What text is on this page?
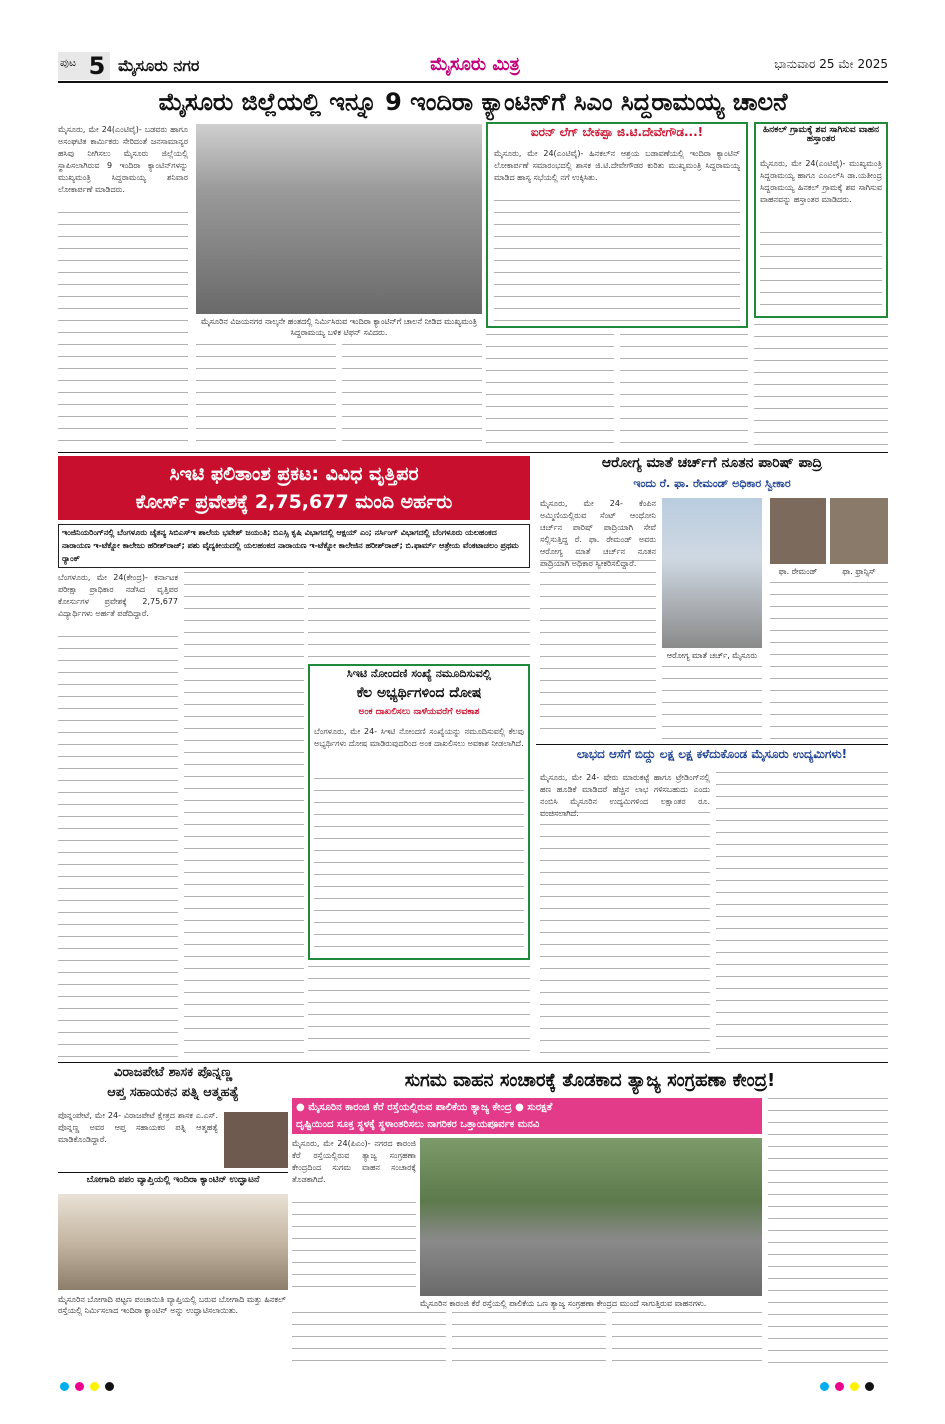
ಪುಟ 5 ಮೈಸೂರು ನಗರ	ಮೈಸೂರು ಮಿತ್ರ	ಭಾನುವಾರ 25 ಮೇ 2025
ಮೈಸೂರು ಜಿಲ್ಲೆಯಲ್ಲಿ ಇನ್ನೂ 9 ಇಂದಿರಾ ಕ್ಯಾಂಟಿನ್‌ಗೆ ಸಿಎಂ ಸಿದ್ದರಾಮಯ್ಯ ಚಾಲನೆ
ಮೈಸೂರು, ಮೇ 24(ಎಂಟಿವೈ)- ಬಡವರು ಹಾಗೂ ಅಸಂಘಟಿತ ಕಾರ್ಮಿಕರು ಸೇರಿದಂತೆ ಜನಸಾಮಾನ್ಯರ ಹಸಿವು ನೀಗಿಸಲು ಮೈಸೂರು ಜಿಲ್ಲೆಯಲ್ಲಿ ಸ್ಥಾಪಿಸಲಾಗಿರುವ 9 ಇಂದಿರಾ ಕ್ಯಾಂಟಿನ್‌ಗಳನ್ನು ಮುಖ್ಯಮಂತ್ರಿ ಸಿದ್ದರಾಮಯ್ಯ ಶನಿವಾರ ಲೋಕಾರ್ಪಣೆ ಮಾಡಿದರು.
ಮೈಸೂರಿನ ವಿಜಯನಗರ ನಾಲ್ಕನೇ ಹಂತದಲ್ಲಿ ನಿರ್ಮಿಸಿರುವ ಇಂದಿರಾ ಕ್ಯಾಂಟಿನ್‌ಗೆ ಚಾಲನೆ ನೀಡಿದ ಮುಖ್ಯಮಂತ್ರಿ ಸಿದ್ದರಾಮಯ್ಯ ಬಳಿಕ ಟಿಫನ್ ಸವಿದರು.
ಐರನ್ ಲೆಗ್ ಬೇಕಪ್ಪಾ ಜಿ.ಟಿ.ದೇವೇಗೌಡ...!
ಮೈಸೂರು, ಮೇ 24(ಎಂಟಿವೈ)- ಹಿನಕಲ್‌ನ ಆಶ್ರಯ ಬಡಾವಣೆಯಲ್ಲಿ ಇಂದಿರಾ ಕ್ಯಾಂಟಿನ್ ಲೋಕಾರ್ಪಣೆ ಸಮಾರಂಭದಲ್ಲಿ ಶಾಸಕ ಜಿ.ಟಿ.ದೇವೇಗೌಡರ ಕುರಿತು ಮುಖ್ಯಮಂತ್ರಿ ಸಿದ್ದರಾಮಯ್ಯ ಮಾಡಿದ ಹಾಸ್ಯ ಸಭೆಯಲ್ಲಿ ನಗೆ ಉಕ್ಕಿಸಿತು.
ಹಿನಕಲ್ ಗ್ರಾಮಕ್ಕೆ ಶವ ಸಾಗಿಸುವ ವಾಹನ ಹಸ್ತಾಂತರ
ಮೈಸೂರು, ಮೇ 24(ಎಂಟಿವೈ)- ಮುಖ್ಯಮಂತ್ರಿ ಸಿದ್ದರಾಮಯ್ಯ ಹಾಗೂ ಎಂಎಲ್‌ಸಿ ಡಾ.ಯತೀಂದ್ರ ಸಿದ್ದರಾಮಯ್ಯ ಹಿನಕಲ್ ಗ್ರಾಮಕ್ಕೆ ಶವ ಸಾಗಿಸುವ ವಾಹನವನ್ನು ಹಸ್ತಾಂತರ ಮಾಡಿದರು.
ಸಿಇಟಿ ಫಲಿತಾಂಶ ಪ್ರಕಟ: ವಿವಿಧ ವೃತ್ತಿಪರ
ಕೋರ್ಸ್ ಪ್ರವೇಶಕ್ಕೆ 2,75,677 ಮಂದಿ ಅರ್ಹರು
ಇಂಜಿನಿಯರಿಂಗ್‌ನಲ್ಲಿ ಬೆಂಗಳೂರು ಚೈತನ್ಯ ಸಿಬಿಎಸ್‌ಇ ಶಾಲೆಯ ಭವೇಶ್ ಜಯಂತಿ; ಬಿಎಸ್ಸಿ ಕೃಷಿ ವಿಭಾಗದಲ್ಲಿ ಆಕ್ಷಯ್ ಎಂ; ನರ್ಸಿಂಗ್ ವಿಭಾಗದಲ್ಲಿ ಬೆಂಗಳೂರು ಯಲಹಂಕದ ನಾರಾಯಣ ಇ-ಟೆಕ್ನೋ ಕಾಲೇಜು ಹರೀಶ್‌ರಾಜ್; ಪಶು ವೈದ್ಯಕೀಯದಲ್ಲಿ ಯಲಹಂಕದ ನಾರಾಯಣ ಇ-ಟೆಕ್ನೋ ಕಾಲೇಜಿನ ಹರೀಶ್‌ರಾಜ್; ಬಿ.ಫಾರ್ಮ್ ಆತ್ರೇಯ ವೆಂಕಟಾಚಲಂ ಪ್ರಥಮ ರ‍್ಯಾಂಕ್
ಬೆಂಗಳೂರು, ಮೇ 24(ಕೇಂದ್ರ)- ಕರ್ನಾಟಕ ಪರೀಕ್ಷಾ ಪ್ರಾಧಿಕಾರ ನಡೆಸಿದ ವೃತ್ತಿಪರ ಕೋರ್ಸುಗಳ ಪ್ರವೇಶಕ್ಕೆ 2,75,677 ವಿದ್ಯಾರ್ಥಿಗಳು ಅರ್ಹತೆ ಪಡೆದಿದ್ದಾರೆ.
ಸಿಇಟಿ ನೋಂದಣಿ ಸಂಖ್ಯೆ ನಮೂದಿಸುವಲ್ಲಿ
ಕೆಲ ಅಭ್ಯರ್ಥಿಗಳಿಂದ ದೋಷ
ಅಂಕ ದಾಖಲಿಸಲು ನಾಳೆಯವರೆಗೆ ಅವಕಾಶ
ಬೆಂಗಳೂರು, ಮೇ 24- ಸಿಇಟಿ ನೋಂದಣಿ ಸಂಖ್ಯೆಯನ್ನು ನಮೂದಿಸುವಲ್ಲಿ ಕೆಲವು ಅಭ್ಯರ್ಥಿಗಳು ದೋಷ ಮಾಡಿರುವುದರಿಂದ ಅಂಕ ದಾಖಲಿಸಲು ಅವಕಾಶ ನೀಡಲಾಗಿದೆ.
ಆರೋಗ್ಯ ಮಾತೆ ಚರ್ಚ್‌ಗೆ ನೂತನ ಪಾರಿಷ್ ಪಾದ್ರಿ
ಇಂದು ರೆ. ಫಾ. ರೇಮಂಡ್ ಅಧಿಕಾರ ಸ್ವೀಕಾರ
ಮೈಸೂರು, ಮೇ 24- ಕೆಂಪಿನ ಅಮ್ಮಿಣಿಯಲ್ಲಿರುವ ಸೆಂಟ್ ಆಂಥೋನಿ ಚರ್ಚ್‌ನ ಪಾರಿಷ್ ಪಾದ್ರಿಯಾಗಿ ಸೇವೆ ಸಲ್ಲಿಸುತ್ತಿದ್ದ ರೆ. ಫಾ. ರೇಮಂಡ್ ಅವರು ಆರೋಗ್ಯ ಮಾತೆ ಚರ್ಚ್‌ನ ನೂತನ ಪಾದ್ರಿಯಾಗಿ ಅಧಿಕಾರ ಸ್ವೀಕರಿಸಲಿದ್ದಾರೆ.
ಆರೋಗ್ಯ ಮಾತೆ ಚರ್ಚ್, ಮೈಸೂರು
ಫಾ. ರೇಮಂಡ್	ಫಾ. ಫ್ರಾನ್ಸಿಸ್
ಲಾಭದ ಆಸೆಗೆ ಬಿದ್ದು ಲಕ್ಷ ಲಕ್ಷ ಕಳೆದುಕೊಂಡ ಮೈಸೂರು ಉದ್ಯಮಿಗಳು!
ಮೈಸೂರು, ಮೇ 24- ಷೇರು ಮಾರುಕಟ್ಟೆ ಹಾಗೂ ಟ್ರೇಡಿಂಗ್‌ನಲ್ಲಿ ಹಣ ಹೂಡಿಕೆ ಮಾಡಿದರೆ ಹೆಚ್ಚಿನ ಲಾಭ ಗಳಿಸಬಹುದು ಎಂದು ನಂಬಿಸಿ ಮೈಸೂರಿನ ಉದ್ಯಮಿಗಳಿಂದ ಲಕ್ಷಾಂತರ ರೂ. ವಂಚಿಸಲಾಗಿದೆ.
ವಿರಾಜಪೇಟೆ ಶಾಸಕ ಪೊನ್ನಣ್ಣ
ಆಪ್ತ ಸಹಾಯಕನ ಪತ್ನಿ ಆತ್ಮಹತ್ಯೆ
ಪೊನ್ನಂಪೇಟೆ, ಮೇ 24- ವಿರಾಜಪೇಟೆ ಕ್ಷೇತ್ರದ ಶಾಸಕ ಎ.ಎಸ್. ಪೊನ್ನಣ್ಣ ಅವರ ಆಪ್ತ ಸಹಾಯಕರ ಪತ್ನಿ ಆತ್ಮಹತ್ಯೆ ಮಾಡಿಕೊಂಡಿದ್ದಾರೆ.
ಬೋಗಾದಿ ಪಪಂ ವ್ಯಾಪ್ತಿಯಲ್ಲಿ ಇಂದಿರಾ ಕ್ಯಾಂಟಿನ್ ಉದ್ಘಾಟನೆ
ಮೈಸೂರಿನ ಬೋಗಾದಿ ಪಟ್ಟಣ ಪಂಚಾಯಿತಿ ವ್ಯಾಪ್ತಿಯಲ್ಲಿ ಬರುವ ಬೋಗಾದಿ ಮತ್ತು ಹಿನಕಲ್ ರಸ್ತೆಯಲ್ಲಿ ನಿರ್ಮಿಸಲಾದ ಇಂದಿರಾ ಕ್ಯಾಂಟಿನ್ ಅನ್ನು ಉದ್ಘಾಟಿಸಲಾಯಿತು.
ಸುಗಮ ವಾಹನ ಸಂಚಾರಕ್ಕೆ ತೊಡಕಾದ ತ್ಯಾಜ್ಯ ಸಂಗ್ರಹಣಾ ಕೇಂದ್ರ!
● ಮೈಸೂರಿನ ಕಾರಂಜಿ ಕೆರೆ ರಸ್ತೆಯಲ್ಲಿರುವ ಪಾಲಿಕೆಯ ತ್ಯಾಜ್ಯ ಕೇಂದ್ರ ● ಸುರಕ್ಷತೆ
ದೃಷ್ಟಿಯಿಂದ ಸೂಕ್ತ ಸ್ಥಳಕ್ಕೆ ಸ್ಥಳಾಂತರಿಸಲು ನಾಗರಿಕರ ಒತ್ತಾಯಪೂರ್ವಕ ಮನವಿ
ಮೈಸೂರು, ಮೇ 24(ಪಿಎಂ)- ನಗರದ ಕಾರಂಜಿ ಕೆರೆ ರಸ್ತೆಯಲ್ಲಿರುವ ತ್ಯಾಜ್ಯ ಸಂಗ್ರಹಣಾ ಕೇಂದ್ರದಿಂದ ಸುಗಮ ವಾಹನ ಸಂಚಾರಕ್ಕೆ ತೊಡಕಾಗಿದೆ.
ಮೈಸೂರಿನ ಕಾರಂಜಿ ಕೆರೆ ರಸ್ತೆಯಲ್ಲಿ ಪಾಲಿಕೆಯ ಒಣ ತ್ಯಾಜ್ಯ ಸಂಗ್ರಹಣಾ ಕೇಂದ್ರದ ಮುಂದೆ ಸಾಗುತ್ತಿರುವ ವಾಹನಗಳು.
